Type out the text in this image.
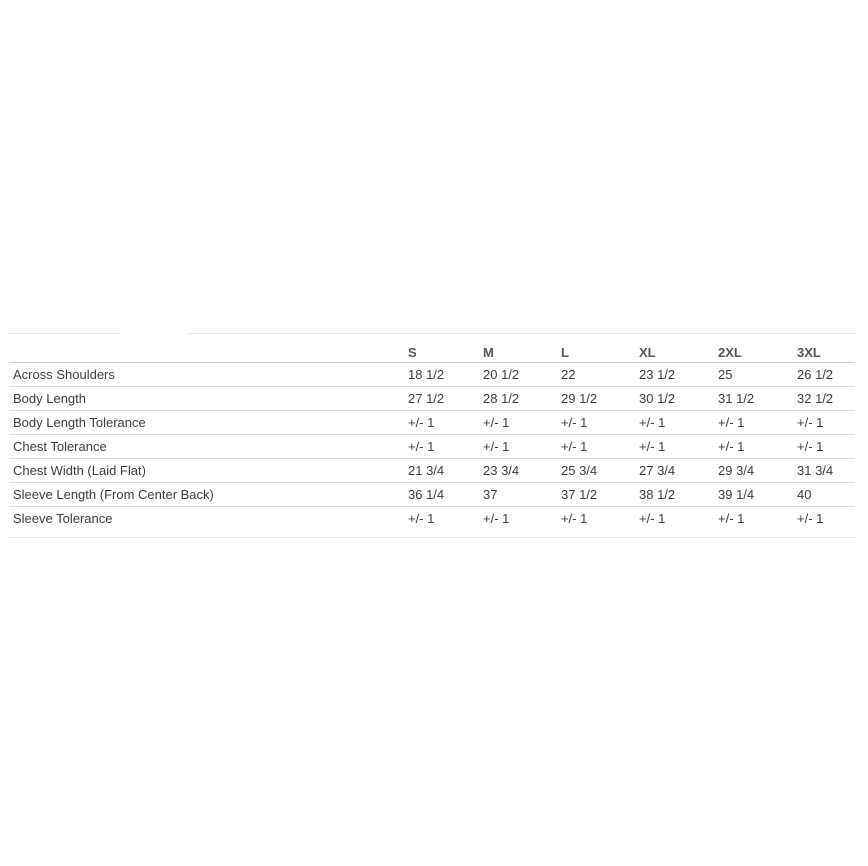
	S	M	L	XL	2XL	3XL
Across Shoulders	18 1/2	20 1/2	22	23 1/2	25	26 1/2
Body Length	27 1/2	28 1/2	29 1/2	30 1/2	31 1/2	32 1/2
Body Length Tolerance	+/- 1	+/- 1	+/- 1	+/- 1	+/- 1	+/- 1
Chest Tolerance	+/- 1	+/- 1	+/- 1	+/- 1	+/- 1	+/- 1
Chest Width (Laid Flat)	21 3/4	23 3/4	25 3/4	27 3/4	29 3/4	31 3/4
Sleeve Length (From Center Back)	36 1/4	37	37 1/2	38 1/2	39 1/4	40
Sleeve Tolerance	+/- 1	+/- 1	+/- 1	+/- 1	+/- 1	+/- 1
